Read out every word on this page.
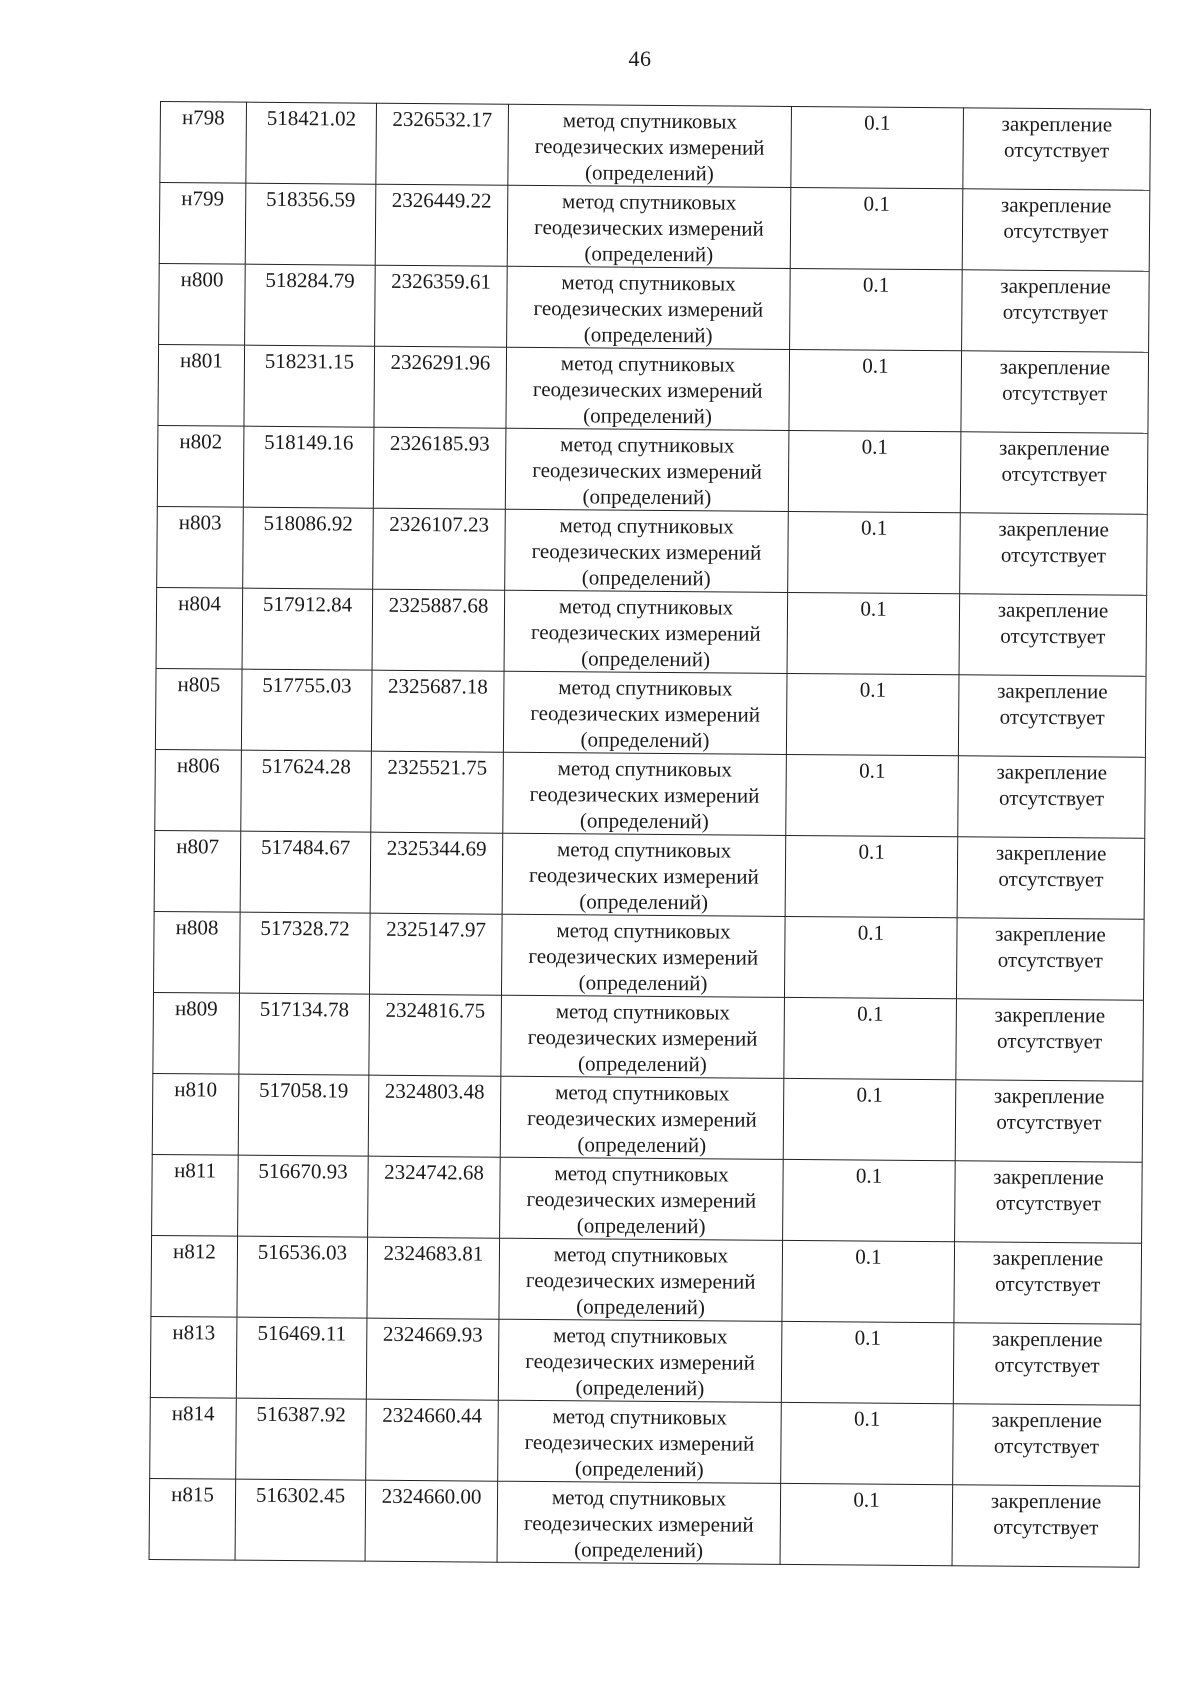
46
н798	518421.02	2326532.17	метод спутниковых
геодезических измерений
(определений)	0.1	закрепление
отсутствует

н799	518356.59	2326449.22	метод спутниковых
геодезических измерений
(определений)	0.1	закрепление
отсутствует

н800	518284.79	2326359.61	метод спутниковых
геодезических измерений
(определений)	0.1	закрепление
отсутствует

н801	518231.15	2326291.96	метод спутниковых
геодезических измерений
(определений)	0.1	закрепление
отсутствует

н802	518149.16	2326185.93	метод спутниковых
геодезических измерений
(определений)	0.1	закрепление
отсутствует

н803	518086.92	2326107.23	метод спутниковых
геодезических измерений
(определений)	0.1	закрепление
отсутствует

н804	517912.84	2325887.68	метод спутниковых
геодезических измерений
(определений)	0.1	закрепление
отсутствует

н805	517755.03	2325687.18	метод спутниковых
геодезических измерений
(определений)	0.1	закрепление
отсутствует

н806	517624.28	2325521.75	метод спутниковых
геодезических измерений
(определений)	0.1	закрепление
отсутствует

н807	517484.67	2325344.69	метод спутниковых
геодезических измерений
(определений)	0.1	закрепление
отсутствует

н808	517328.72	2325147.97	метод спутниковых
геодезических измерений
(определений)	0.1	закрепление
отсутствует

н809	517134.78	2324816.75	метод спутниковых
геодезических измерений
(определений)	0.1	закрепление
отсутствует

н810	517058.19	2324803.48	метод спутниковых
геодезических измерений
(определений)	0.1	закрепление
отсутствует

н811	516670.93	2324742.68	метод спутниковых
геодезических измерений
(определений)	0.1	закрепление
отсутствует

н812	516536.03	2324683.81	метод спутниковых
геодезических измерений
(определений)	0.1	закрепление
отсутствует

н813	516469.11	2324669.93	метод спутниковых
геодезических измерений
(определений)	0.1	закрепление
отсутствует

н814	516387.92	2324660.44	метод спутниковых
геодезических измерений
(определений)	0.1	закрепление
отсутствует

н815	516302.45	2324660.00	метод спутниковых
геодезических измерений
(определений)	0.1	закрепление
отсутствует
